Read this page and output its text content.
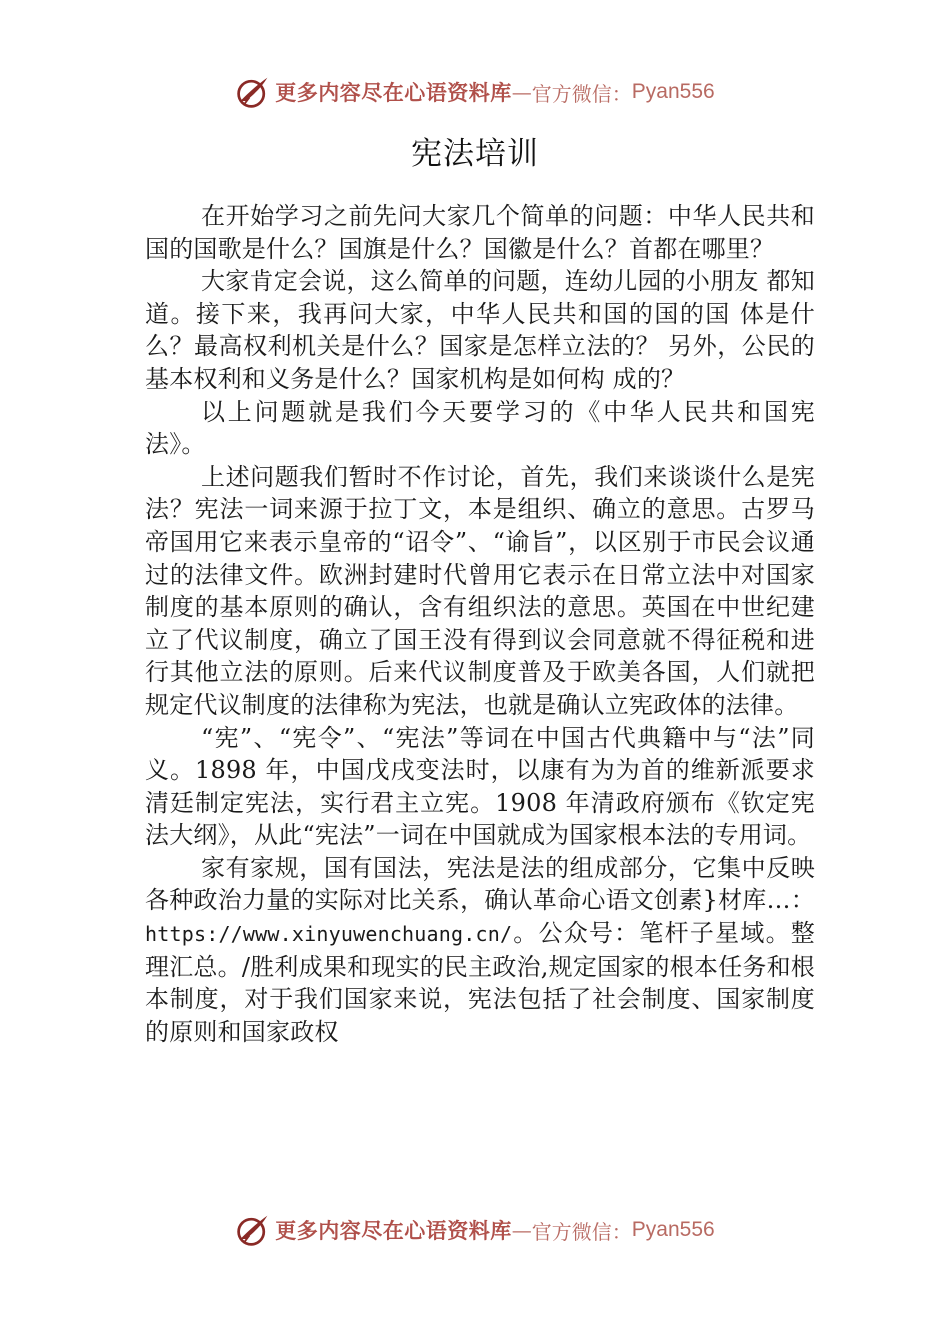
更多内容尽在心语资料库 — 官方微信： Pyan556
宪法培训

在开始学习之前先问大家几个简单的问题：中华人民共和国的国歌是什么？国旗是什么？国徽是什么？首都在哪里？

大家肯定会说，这么简单的问题，连幼儿园的小朋友 都知道。接下来，我再问大家，中华人民共和国的国的国 体是什么？最高权利机关是什么？国家是怎样立法的？ 另外，公民的基本权利和义务是什么？国家机构是如何构 成的？

以上问题就是我们今天要学习的《中华人民共和国宪法》。

上述问题我们暂时不作讨论，首先，我们来谈谈什么是宪法？宪法一词来源于拉丁文，本是组织、确立的意思。古罗马帝国用它来表示皇帝的“诏令”、“谕旨”，以区别于市民会议通过的法律文件。欧洲封建时代曾用它表示在日常立法中对国家制度的基本原则的确认，含有组织法的意思。英国在中世纪建立了代议制度，确立了国王没有得到议会同意就不得征税和进行其他立法的原则。后来代议制度普及于欧美各国，人们就把规定代议制度的法律称为宪法，也就是确认立宪政体的法律。

“宪”、“宪令”、“宪法”等词在中国古代典籍中与“法”同义。1898 年，中国戊戌变法时，以康有为为首的维新派要求清廷制定宪法，实行君主立宪。1908 年清政府颁布《钦定宪法大纲》，从此“宪法”一词在中国就成为国家根本法的专用词。

家有家规，国有国法，宪法是法的组成部分，它集中反映各种政治力量的实际对比关系，确认革命心语文创素}材库…：https://www.xinyuwenchuang.cn/。公众号：笔杆子星域。整理汇总。/胜利成果和现实的民主政治,规定国家的根本任务和根本制度，对于我们国家来说，宪法包括了社会制度、国家制度的原则和国家政权

更多内容尽在心语资料库 — 官方微信： Pyan556
